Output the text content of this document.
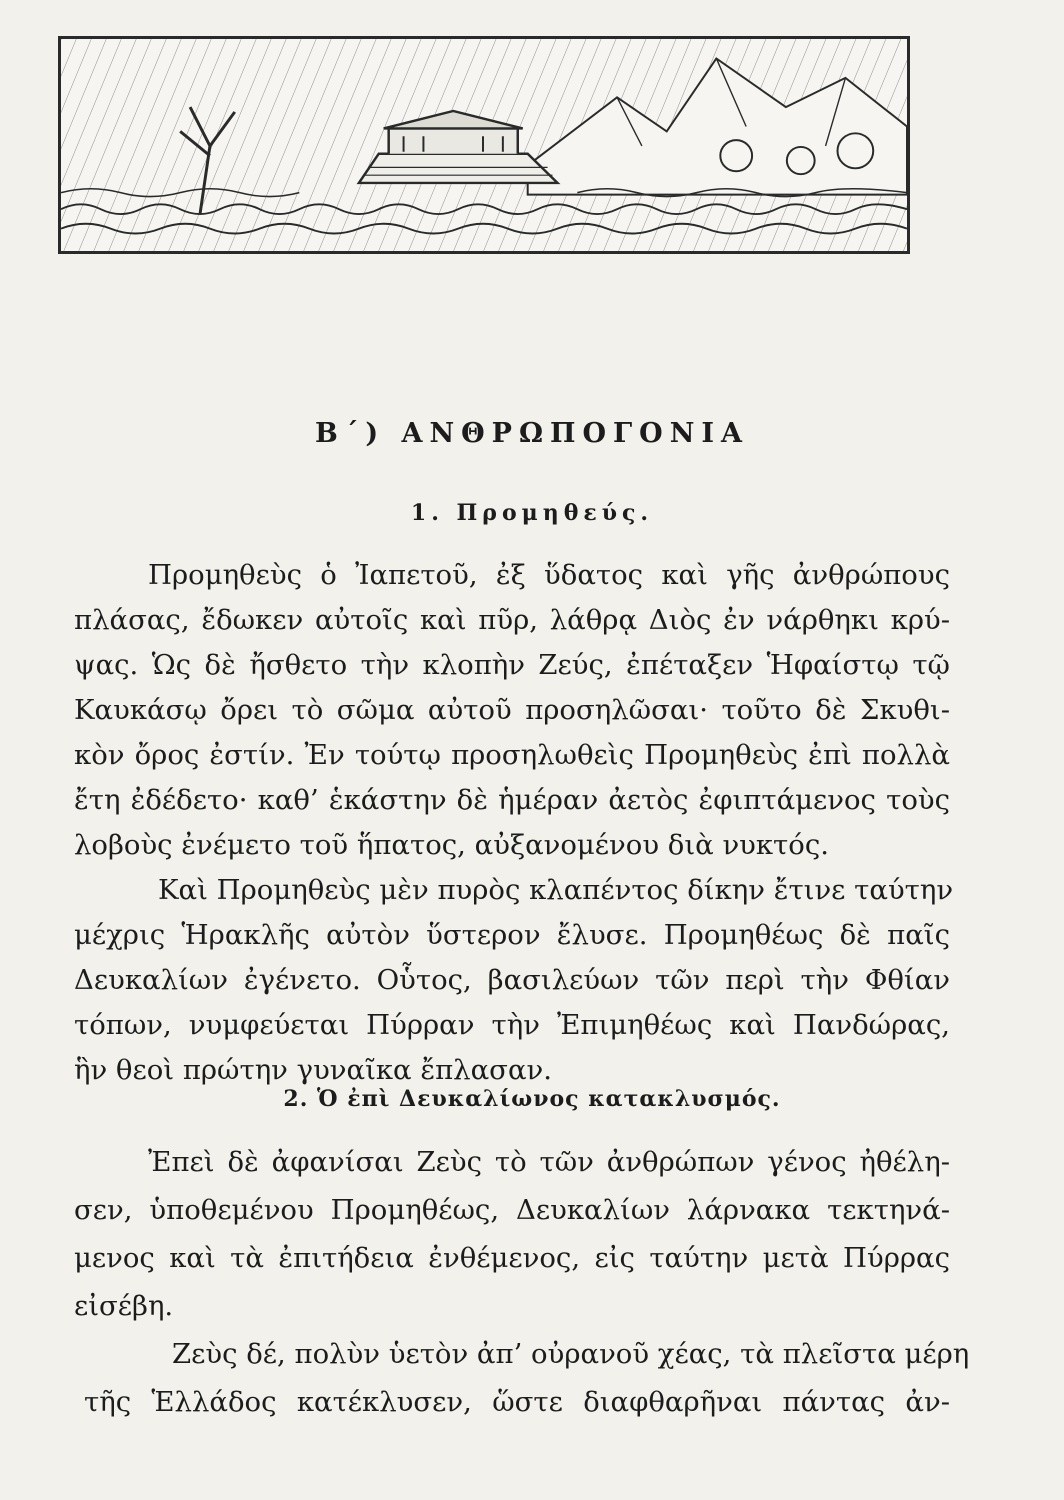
Β΄) ΑΝΘΡΩΠΟΓΟΝΙΑ
1. Προμηθεύς.
Προμηθεὺς ὁ Ἰαπετοῦ, ἐξ ὕδατος καὶ γῆς ἀνθρώπους
πλάσας, ἔδωκεν αὐτοῖς καὶ πῦρ, λάθρᾳ Διὸς ἐν νάρθηκι κρύ-
ψας. Ὡς δὲ ἤσθετο τὴν κλοπὴν Ζεύς, ἐπέταξεν Ἡφαίστῳ τῷ
Καυκάσῳ ὄρει τὸ σῶμα αὐτοῦ προσηλῶσαι· τοῦτο δὲ Σκυθι-
κὸν ὄρος ἐστίν. Ἐν τούτῳ προσηλωθεὶς Προμηθεὺς ἐπὶ πολλὰ
ἔτη ἐδέδετο· καθ’ ἑκάστην δὲ ἡμέραν ἀετὸς ἐφιπτάμενος τοὺς
λοβοὺς ἐνέμετο τοῦ ἥπατος, αὐξανομένου διὰ νυκτός.
Καὶ Προμηθεὺς μὲν πυρὸς κλαπέντος δίκην ἔτινε ταύτην
μέχρις Ἡρακλῆς αὐτὸν ὕστερον ἔλυσε. Προμηθέως δὲ παῖς
Δευκαλίων ἐγένετο. Οὗτος, βασιλεύων τῶν περὶ τὴν Φθίαν
τόπων, νυμφεύεται Πύρραν τὴν Ἐπιμηθέως καὶ Πανδώρας,
ἣν θεοὶ πρώτην γυναῖκα ἔπλασαν.
2. Ὁ ἐπὶ Δευκαλίωνος κατακλυσμός.
Ἐπεὶ δὲ ἀφανίσαι Ζεὺς τὸ τῶν ἀνθρώπων γένος ἠθέλη-
σεν, ὑποθεμένου Προμηθέως, Δευκαλίων λάρνακα τεκτηνά-
μενος καὶ τὰ ἐπιτήδεια ἐνθέμενος, εἰς ταύτην μετὰ Πύρρας
εἰσέβη.
Ζεὺς δέ, πολὺν ὑετὸν ἀπ’ οὐρανοῦ χέας, τὰ πλεῖστα μέρη
τῆς Ἑλλάδος κατέκλυσεν, ὥστε διαφθαρῆναι πάντας ἀν-
